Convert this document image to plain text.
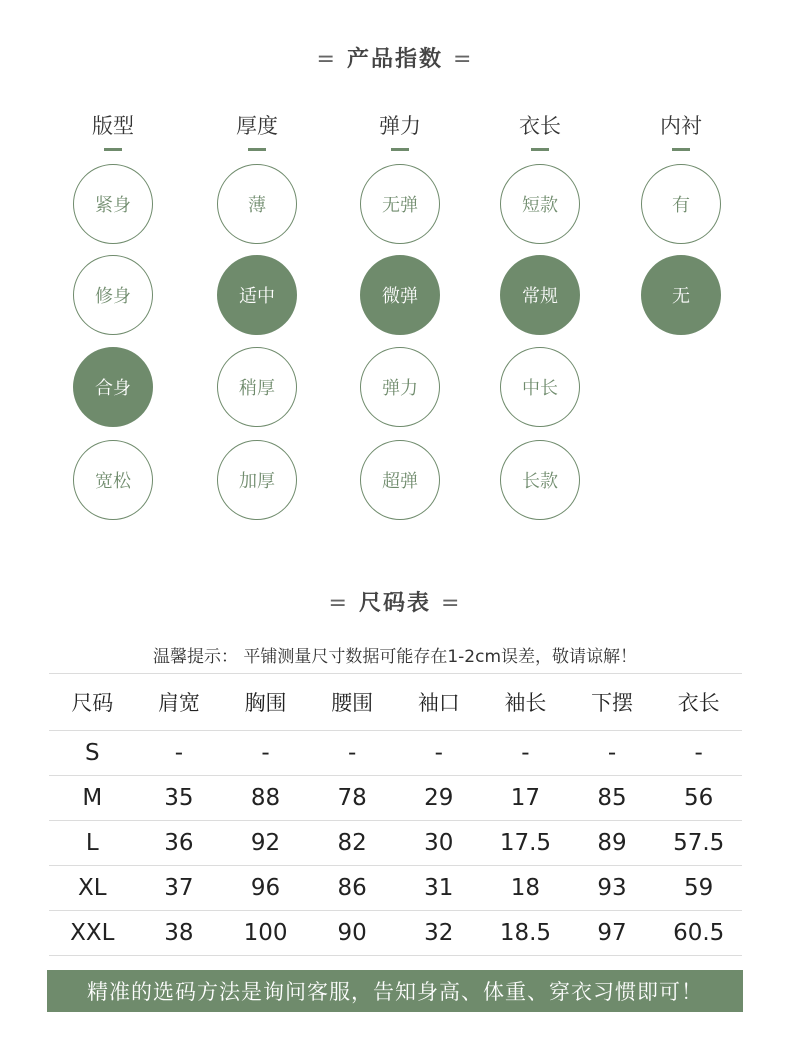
= 产品指数 =
版型
紧身
修身
合身
宽松
厚度
薄
适中
稍厚
加厚
弹力
无弹
微弹
弹力
超弹
衣长
短款
常规
中长
长款
内衬
有
无
= 尺码表 =
温馨提示： 平铺测量尺寸数据可能存在1-2cm误差，敬请谅解！
尺码	肩宽	胸围	腰围	袖口	袖长	下摆	衣长
S	-	-	-	-	-	-	-
M	35	88	78	29	17	85	56
L	36	92	82	30	17.5	89	57.5
XL	37	96	86	31	18	93	59
XXL	38	100	90	32	18.5	97	60.5
精准的选码方法是询问客服，告知身高、体重、穿衣习惯即可！
